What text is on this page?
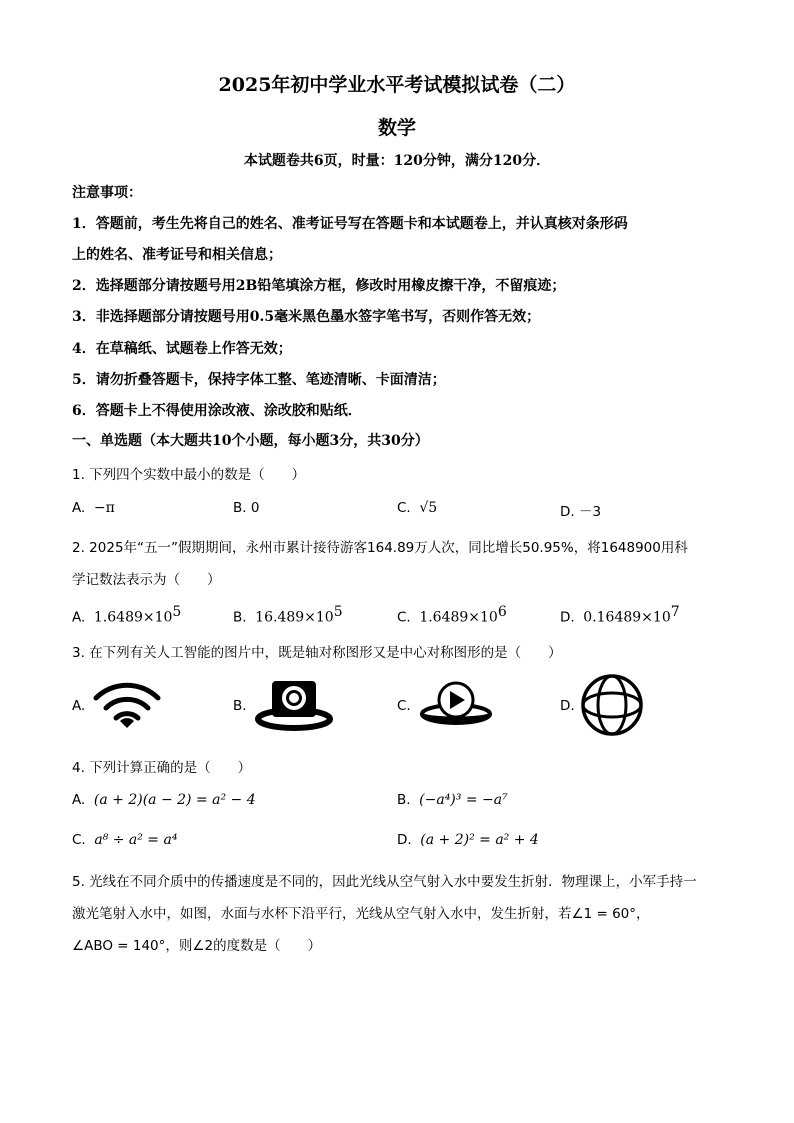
2025年初中学业水平考试模拟试卷（二）
数学
本试题卷共6页，时量：120分钟，满分120分．
注意事项：
1．答题前，考生先将自己的姓名、准考证号写在答题卡和本试题卷上，并认真核对条形码
上的姓名、准考证号和相关信息；
2．选择题部分请按题号用2B铅笔填涂方框，修改时用橡皮擦干净，不留痕迹；
3．非选择题部分请按题号用0.5毫米黑色墨水签字笔书写，否则作答无效；
4．在草稿纸、试题卷上作答无效；
5．请勿折叠答题卡，保持字体工整、笔迹清晰、卡面清洁；
6．答题卡上不得使用涂改液、涂改胶和贴纸．
一、单选题（本大题共10个小题，每小题3分，共30分）
1. 下列四个实数中最小的数是（　　）
A. −π	B. 0	C. √5	D. －3
2. 2025年“五一”假期期间，永州市累计接待游客164.89万人次，同比增长50.95%，将1648900用科
学记数法表示为（　　）
A. $1.6489\times 10^5$	B. $16.489\times 10^5$	C. $1.6489\times 10^6$	D. $0.16489\times 10^7$
3. 在下列有关人工智能的图片中，既是轴对称图形又是中心对称图形的是（　　）
A.	B.	C.	D.
4. 下列计算正确的是（　　）
A. (a + 2)(a − 2) = a² − 4	B. (−a⁴)³ = −a⁷
C. a⁸ ÷ a² = a⁴	D. (a + 2)² = a² + 4
5. 光线在不同介质中的传播速度是不同的，因此光线从空气射入水中要发生折射．物理课上，小军手持一
激光笔射入水中，如图，水面与水杯下沿平行，光线从空气射入水中，发生折射，若∠1 = 60°，
∠ABO = 140°，则∠2的度数是（　　）
